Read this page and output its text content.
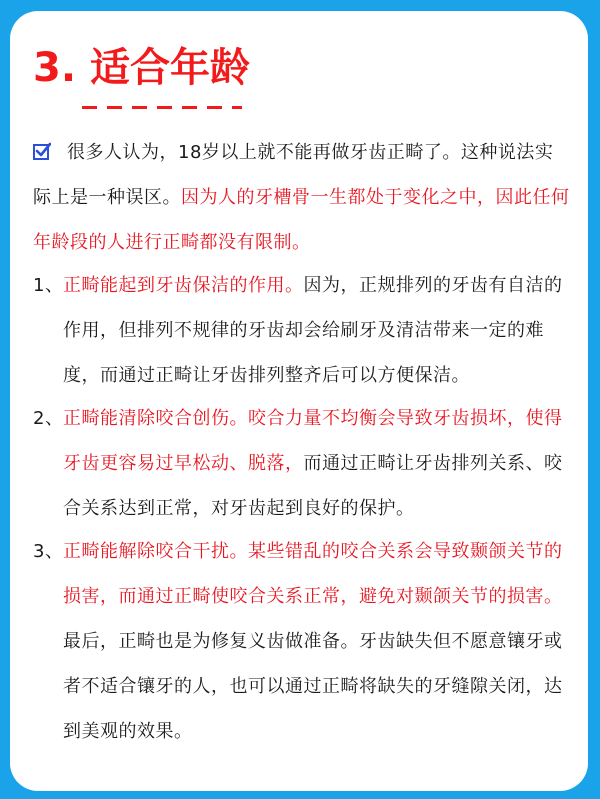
3. 适合年龄
很多人认为，18岁以上就不能再做牙齿正畸了。这种说法实际上是一种误区。因为人的牙槽骨一生都处于变化之中，因此任何年龄段的人进行正畸都没有限制。
1、 正畸能起到牙齿保洁的作用。因为，正规排列的牙齿有自洁的作用，但排列不规律的牙齿却会给刷牙及清洁带来一定的难度，而通过正畸让牙齿排列整齐后可以方便保洁。
2、 正畸能清除咬合创伤。咬合力量不均衡会导致牙齿损坏，使得牙齿更容易过早松动、脱落，而通过正畸让牙齿排列关系、咬合关系达到正常，对牙齿起到良好的保护。
3、 正畸能解除咬合干扰。某些错乱的咬合关系会导致颞颌关节的损害，而通过正畸使咬合关系正常，避免对颞颌关节的损害。最后，正畸也是为修复义齿做准备。牙齿缺失但不愿意镶牙或者不适合镶牙的人，也可以通过正畸将缺失的牙缝隙关闭，达到美观的效果。
